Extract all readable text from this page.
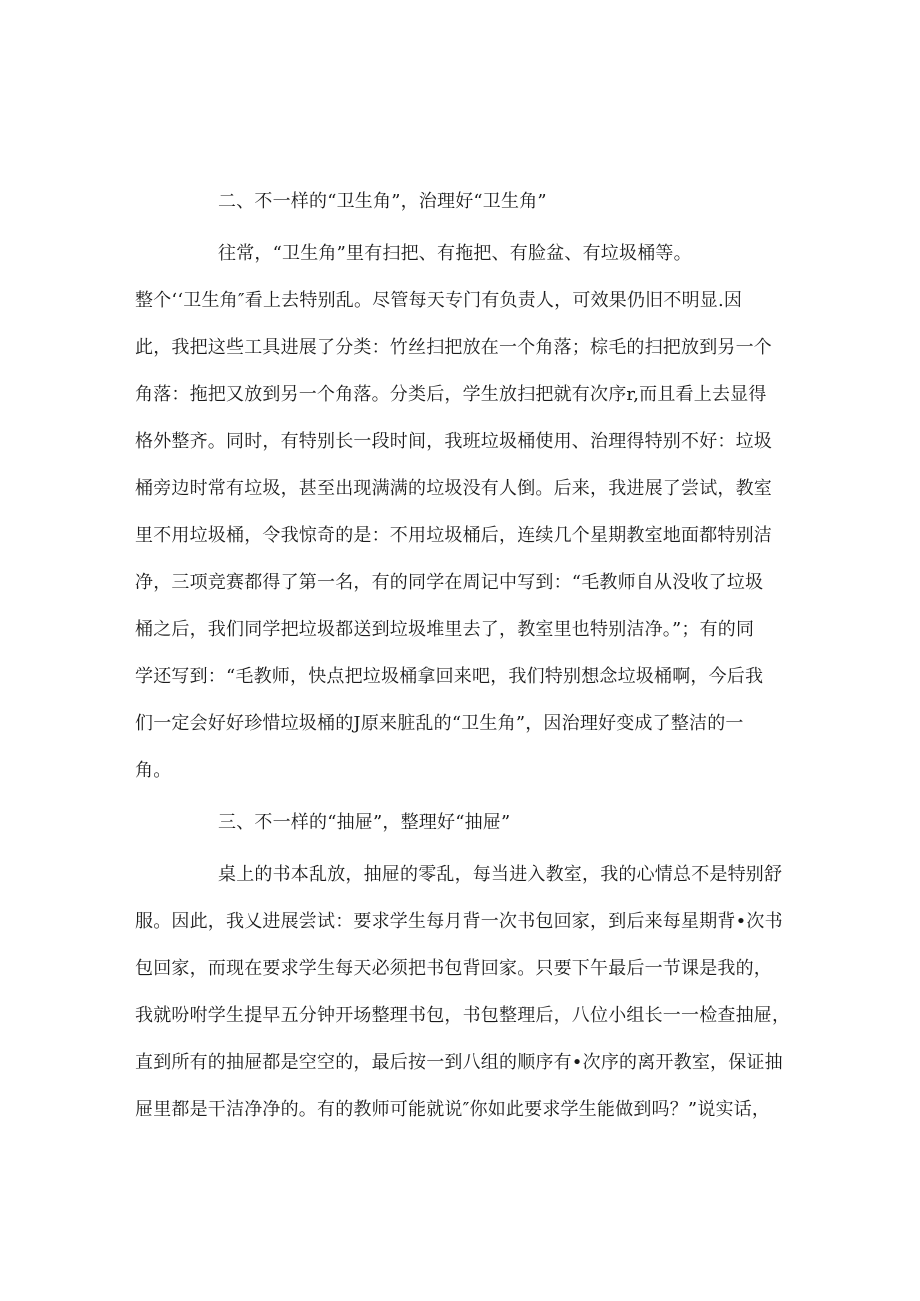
二、不一样的“卫生角”，治理好“卫生角”
往常，“卫生角”里有扫把、有拖把、有脸盆、有垃圾桶等。
整个‘‘卫生角″看上去特别乱。尽管每天专门有负责人，可效果仍旧不明显.因
此，我把这些工具进展了分类：竹丝扫把放在一个角落；棕毛的扫把放到另一个
角落：拖把又放到另一个角落。分类后，学生放扫把就有次序r,而且看上去显得
格外整齐。同时，有特别长一段时间，我班垃圾桶使用、治理得特别不好：垃圾
桶旁边时常有垃圾，甚至出现满满的垃圾没有人倒。后来，我进展了尝试，教室
里不用垃圾桶，令我惊奇的是：不用垃圾桶后，连续几个星期教室地面都特别洁
净，三项竞赛都得了第一名，有的同学在周记中写到：“毛教师自从没收了垃圾
桶之后，我们同学把垃圾都送到垃圾堆里去了，教室里也特别洁净。”；有的同
学还写到：“毛教师，快点把垃圾桶拿回来吧，我们特别想念垃圾桶啊，今后我
们一定会好好珍惜垃圾桶的J原来脏乱的“卫生角”，因治理好变成了整洁的一
角。
三、不一样的“抽屉”，整理好“抽屉”
桌上的书本乱放，抽屉的零乱，每当进入教室，我的心情总不是特别舒
服。因此，我乂进展尝试：要求学生每月背一次书包回家，到后来每星期背•次书
包回家，而现在要求学生每天必须把书包背回家。只要下午最后一节课是我的，
我就吩咐学生提早五分钟开场整理书包，书包整理后，八位小组长一一检查抽屉，
直到所有的抽屉都是空空的，最后按一到八组的顺序有•次序的离开教室，保证抽
屉里都是干洁净净的。有的教师可能就说″你如此要求学生能做到吗？”说实话，
